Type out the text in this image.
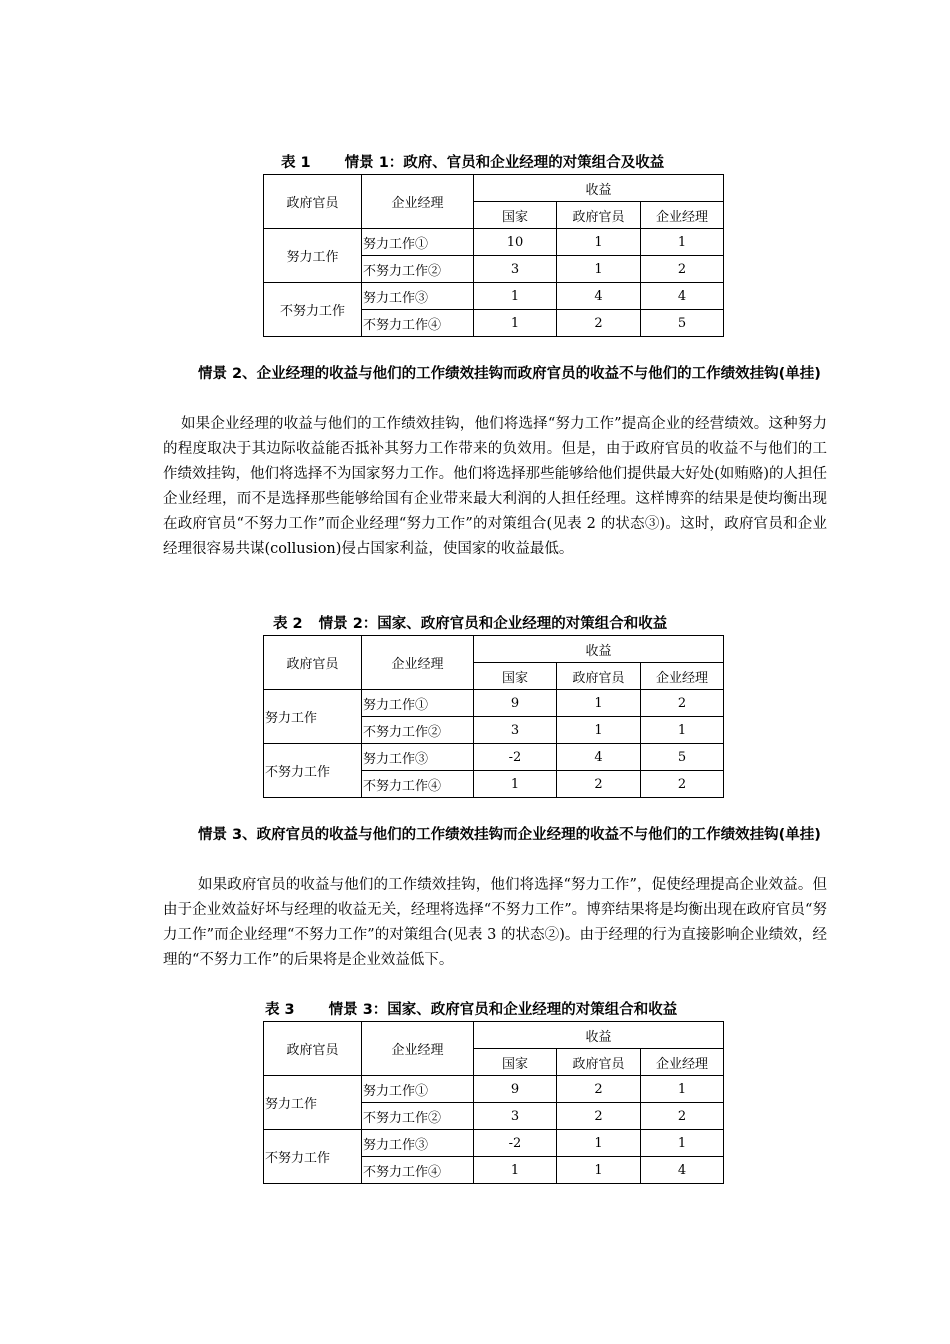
表 1 情景 1：政府、官员和企业经理的对策组合及收益
政府官员	企业经理	收益		
		国家	政府官员	企业经理
努力工作	努力工作①	10	1	1
	不努力工作②	3	1	2
不努力工作	努力工作③	1	4	4
	不努力工作④	1	2	5
情景 2、企业经理的收益与他们的工作绩效挂钩而政府官员的收益不与他们的工作绩效挂钩(单挂)
如果企业经理的收益与他们的工作绩效挂钩，他们将选择“努力工作”提高企业的经营绩效。这种努力的程度取决于其边际收益能否抵补其努力工作带来的负效用。但是，由于政府官员的收益不与他们的工作绩效挂钩，他们将选择不为国家努力工作。他们将选择那些能够给他们提供最大好处(如贿赂)的人担任企业经理，而不是选择那些能够给国有企业带来最大利润的人担任经理。这样博弈的结果是使均衡出现在政府官员“不努力工作”而企业经理“努力工作”的对策组合(见表 2 的状态③)。这时，政府官员和企业经理很容易共谋(collusion)侵占国家利益，使国家的收益最低。
表 2 情景 2：国家、政府官员和企业经理的对策组合和收益
政府官员	企业经理	收益		
		国家	政府官员	企业经理
努力工作	努力工作①	9	1	2
	不努力工作②	3	1	1
不努力工作	努力工作③	-2	4	5
	不努力工作④	1	2	2
情景 3、政府官员的收益与他们的工作绩效挂钩而企业经理的收益不与他们的工作绩效挂钩(单挂)
如果政府官员的收益与他们的工作绩效挂钩，他们将选择“努力工作”，促使经理提高企业效益。但由于企业效益好坏与经理的收益无关，经理将选择“不努力工作”。博弈结果将是均衡出现在政府官员“努力工作”而企业经理“不努力工作”的对策组合(见表 3 的状态②)。由于经理的行为直接影响企业绩效，经理的“不努力工作”的后果将是企业效益低下。
表 3 情景 3：国家、政府官员和企业经理的对策组合和收益
政府官员	企业经理	收益		
		国家	政府官员	企业经理
努力工作	努力工作①	9	2	1
	不努力工作②	3	2	2
不努力工作	努力工作③	-2	1	1
	不努力工作④	1	1	4
